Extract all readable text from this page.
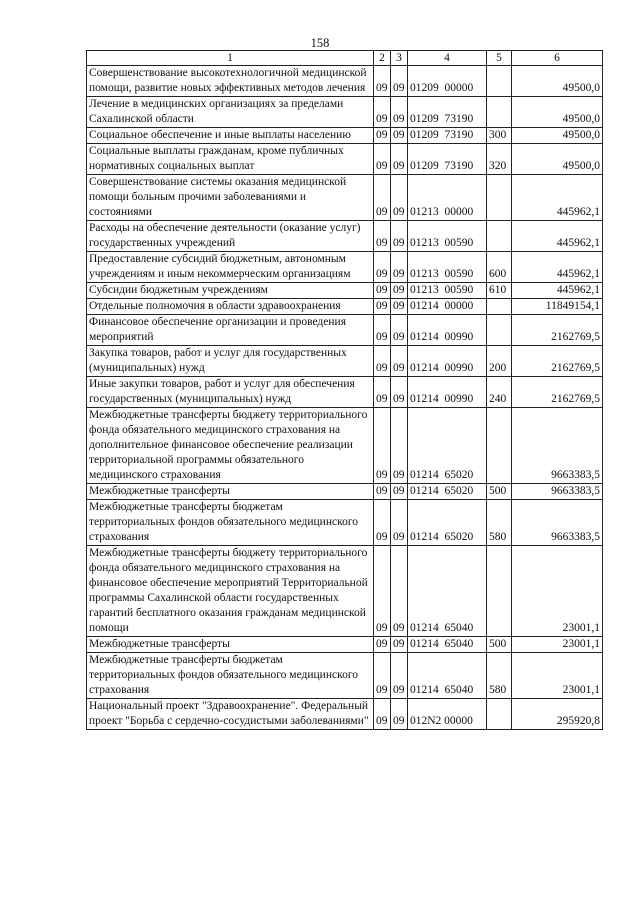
158
1	2	3	4	5	6
Совершенствование высокотехнологичной медицинской помощи, развитие новых эффективных методов лечения	09	09	01209  00000		49500,0
Лечение в медицинских организациях за пределами Сахалинской области	09	09	01209  73190		49500,0
Социальное обеспечение и иные выплаты населению	09	09	01209  73190	300	49500,0
Социальные выплаты гражданам, кроме публичных нормативных социальных выплат	09	09	01209  73190	320	49500,0
Совершенствование системы оказания медицинской помощи больным прочими заболеваниями и состояниями	09	09	01213  00000		445962,1
Расходы на обеспечение деятельности (оказание услуг) государственных учреждений	09	09	01213  00590		445962,1
Предоставление субсидий бюджетным, автономным учреждениям и иным некоммерческим организациям	09	09	01213  00590	600	445962,1
Субсидии бюджетным учреждениям	09	09	01213  00590	610	445962,1
Отдельные полномочия в области здравоохранения	09	09	01214  00000		11849154,1
Финансовое обеспечение организации и проведения мероприятий	09	09	01214  00990		2162769,5
Закупка товаров, работ и услуг для государственных (муниципальных) нужд	09	09	01214  00990	200	2162769,5
Иные закупки товаров, работ и услуг для обеспечения государственных (муниципальных) нужд	09	09	01214  00990	240	2162769,5
Межбюджетные трансферты бюджету территориального фонда обязательного медицинского страхования на дополнительное финансовое обеспечение реализации территориальной программы обязательного медицинского страхования	09	09	01214  65020		9663383,5
Межбюджетные трансферты	09	09	01214  65020	500	9663383,5
Межбюджетные трансферты бюджетам территориальных фондов обязательного медицинского страхования	09	09	01214  65020	580	9663383,5
Межбюджетные трансферты бюджету территориального фонда обязательного медицинского страхования на финансовое обеспечение мероприятий Территориальной программы Сахалинской области государственных гарантий бесплатного оказания гражданам медицинской помощи	09	09	01214  65040		23001,1
Межбюджетные трансферты	09	09	01214  65040	500	23001,1
Межбюджетные трансферты бюджетам территориальных фондов обязательного медицинского страхования	09	09	01214  65040	580	23001,1
Национальный проект "Здравоохранение". Федеральный проект "Борьба с сердечно-сосудистыми заболеваниями"	09	09	012N2 00000		295920,8
